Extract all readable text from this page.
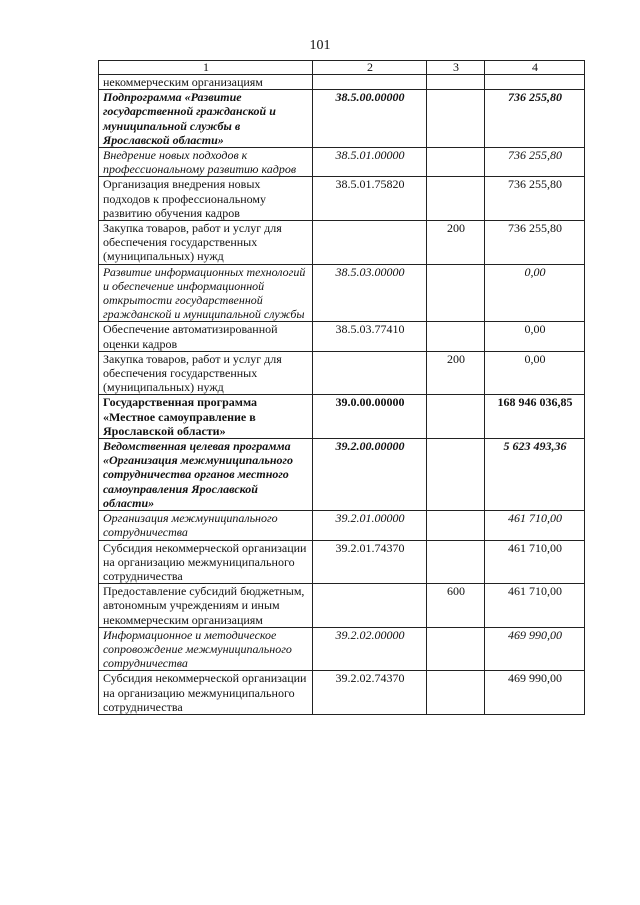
101
1	2	3	4
некоммерческим организациям			
Подпрограмма «Развитие государственной гражданской и муниципальной службы в Ярославской области»	38.5.00.00000		736 255,80
Внедрение новых подходов к профессиональному развитию кадров	38.5.01.00000		736 255,80
Организация внедрения новых подходов к профессиональному развитию обучения кадров	38.5.01.75820		736 255,80
Закупка товаров, работ и услуг для обеспечения государственных (муниципальных) нужд		200	736 255,80
Развитие информационных технологий и обеспечение информационной открытости государственной гражданской и муниципальной службы	38.5.03.00000		0,00
Обеспечение автоматизированной оценки кадров	38.5.03.77410		0,00
Закупка товаров, работ и услуг для обеспечения государственных (муниципальных) нужд		200	0,00
Государственная программа «Местное самоуправление в Ярославской области»	39.0.00.00000		168 946 036,85
Ведомственная целевая программа «Организация межмуниципального сотрудничества органов местного самоуправления Ярославской области»	39.2.00.00000		5 623 493,36
Организация межмуниципального сотрудничества	39.2.01.00000		461 710,00
Субсидия некоммерческой организации на организацию межмуниципального сотрудничества	39.2.01.74370		461 710,00
Предоставление субсидий бюджетным, автономным учреждениям и иным некоммерческим организациям		600	461 710,00
Информационное и методическое сопровождение межмуниципального сотрудничества	39.2.02.00000		469 990,00
Субсидия некоммерческой организации на организацию межмуниципального сотрудничества	39.2.02.74370		469 990,00
